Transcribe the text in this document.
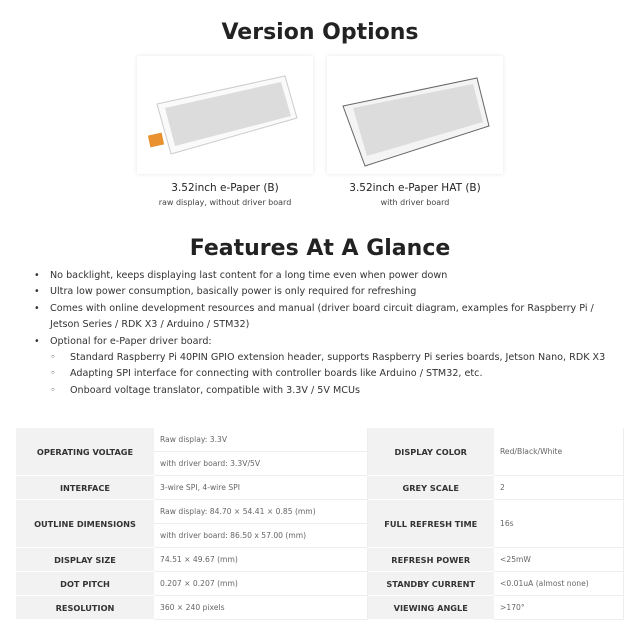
Version Options
3.52inch e-Paper (B)
raw display, without driver board
3.52inch e-Paper HAT (B)
with driver board
Features At A Glance
• No backlight, keeps displaying last content for a long time even when power down
• Ultra low power consumption, basically power is only required for refreshing
• Comes with online development resources and manual (driver board circuit diagram, examples for Raspberry Pi / Jetson Series / RDK X3 / Arduino / STM32)
• Optional for e-Paper driver board:
◦ Standard Raspberry Pi 40PIN GPIO extension header, supports Raspberry Pi series boards, Jetson Nano, RDK X3
◦ Adapting SPI interface for connecting with controller boards like Arduino / STM32, etc.
◦ Onboard voltage translator, compatible with 3.3V / 5V MCUs
OPERATING VOLTAGE	Raw display: 3.3V	DISPLAY COLOR	Red/Black/White
	with driver board: 3.3V/5V		
INTERFACE	3-wire SPI, 4-wire SPI	GREY SCALE	2
OUTLINE DIMENSIONS	Raw display: 84.70 × 54.41 × 0.85 (mm)	FULL REFRESH TIME	16s
	with driver board: 86.50 x 57.00 (mm)		
DISPLAY SIZE	74.51 × 49.67 (mm)	REFRESH POWER	<25mW
DOT PITCH	0.207 × 0.207 (mm)	STANDBY CURRENT	<0.01uA (almost none)
RESOLUTION	360 × 240 pixels	VIEWING ANGLE	>170°
